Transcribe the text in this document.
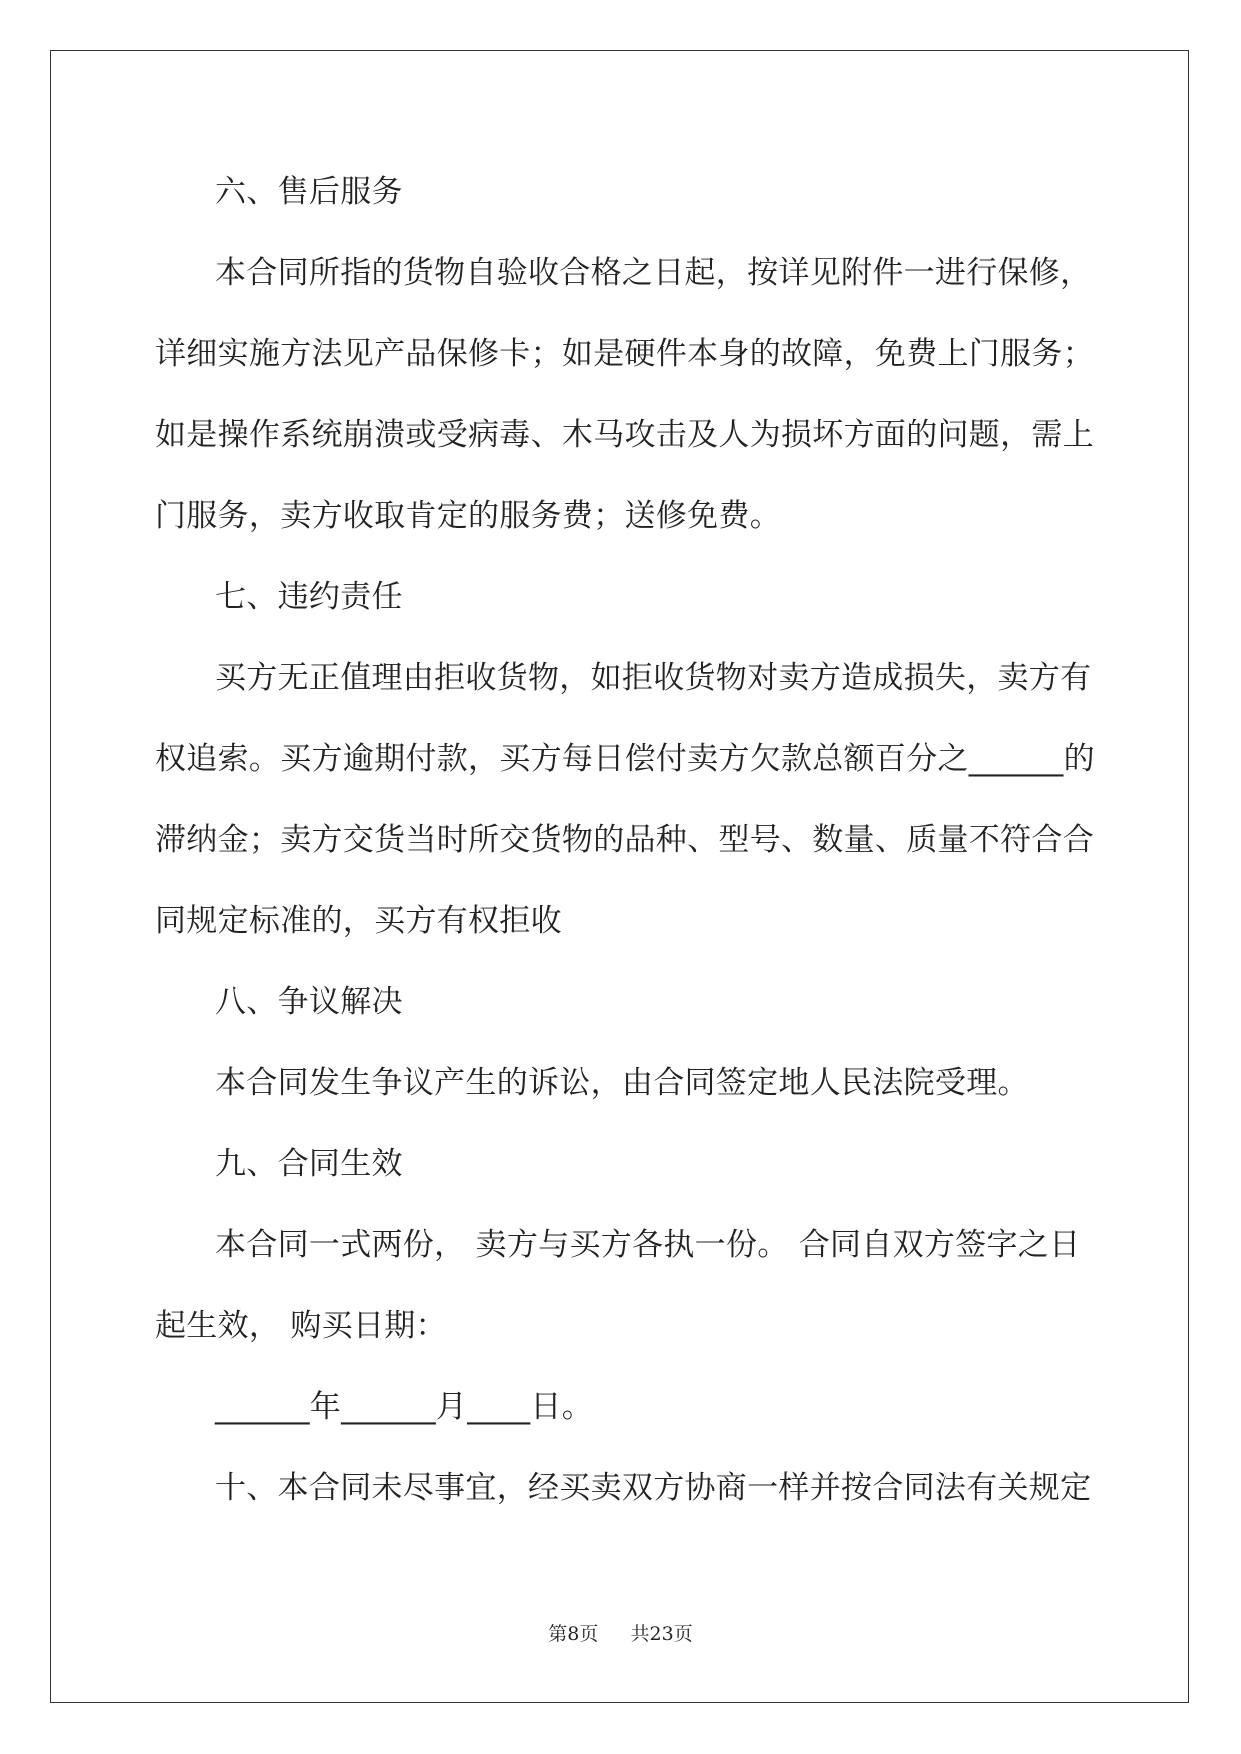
六、售后服务
本合同所指的货物自验收合格之日起，按详见附件一进行保修，
详细实施方法见产品保修卡；如是硬件本身的故障，免费上门服务；
如是操作系统崩溃或受病毒、木马攻击及人为损坏方面的问题，需上
门服务，卖方收取肯定的服务费；送修免费。
七、违约责任
买方无正值理由拒收货物，如拒收货物对卖方造成损失，卖方有
权追索。买方逾期付款，买方每日偿付卖方欠款总额百分之______的
滞纳金；卖方交货当时所交货物的品种、型号、数量、质量不符合合
同规定标准的，买方有权拒收
八、争议解决
本合同发生争议产生的诉讼，由合同签定地人民法院受理。
九、合同生效
本合同一式两份， 卖方与买方各执一份。 合同自双方签字之日
起生效， 购买日期：
______年______月____日。
十、本合同未尽事宜，经买卖双方协商一样并按合同法有关规定
第8页 共23页
